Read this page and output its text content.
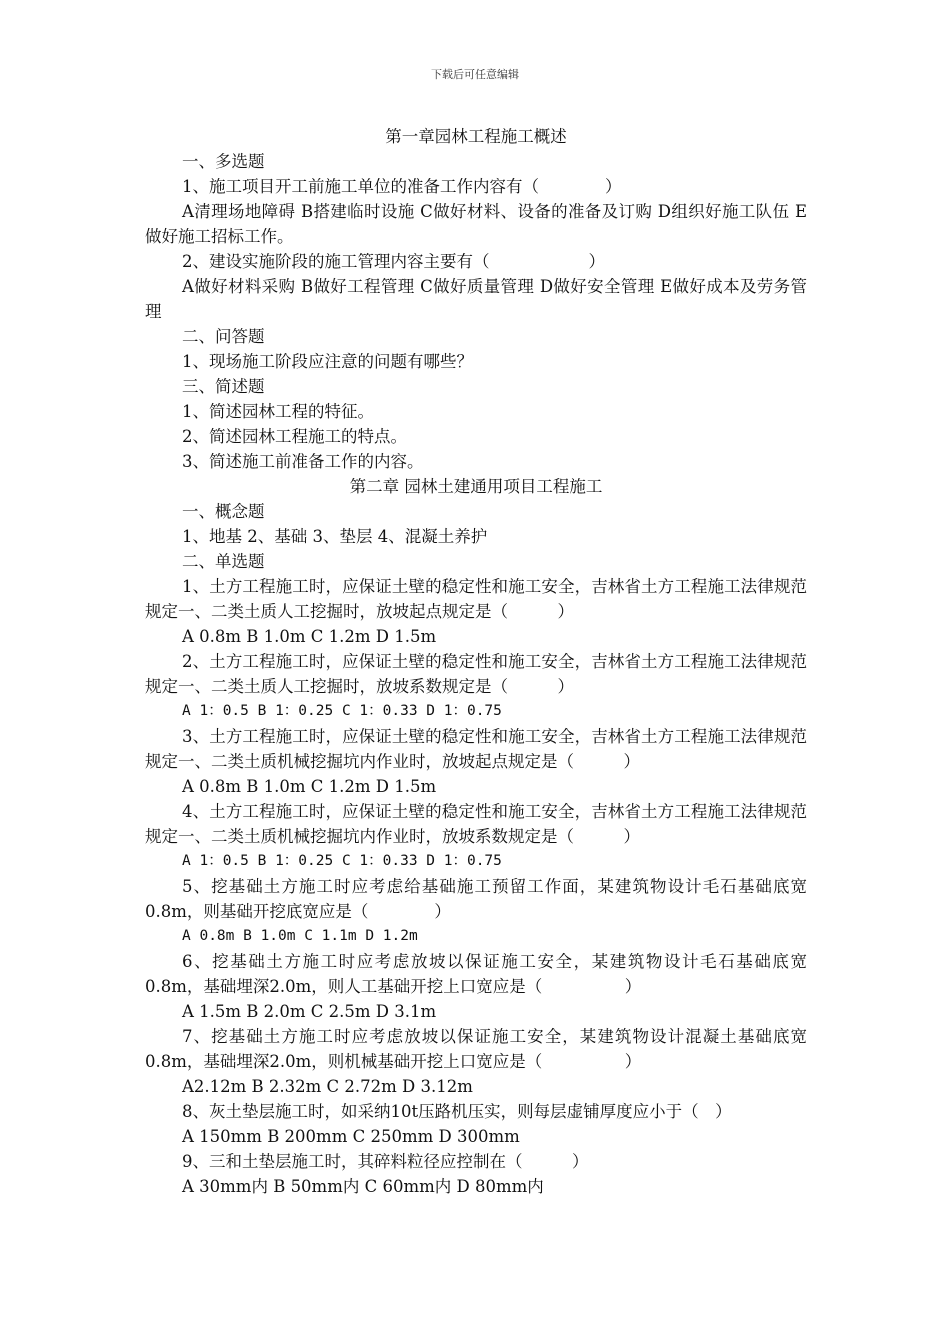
下载后可任意编辑

第一章园林工程施工概述

一、多选题

1、施工项目开工前施工单位的准备工作内容有（　　　　）

A清理场地障碍 B搭建临时设施 C做好材料、设备的准备及订购 D组织好施工队伍 E做好施工招标工作。

2、建设实施阶段的施工管理内容主要有（　　　　　　）

A做好材料采购 B做好工程管理 C做好质量管理 D做好安全管理 E做好成本及劳务管理

二、问答题

1、现场施工阶段应注意的问题有哪些？

三、简述题

1、简述园林工程的特征。

2、简述园林工程施工的特点。

3、简述施工前准备工作的内容。

第二章 园林土建通用项目工程施工

一、概念题

1、地基 2、基础 3、垫层 4、混凝土养护

二、单选题

1、土方工程施工时，应保证土壁的稳定性和施工安全，吉林省土方工程施工法律规范规定一、二类土质人工挖掘时，放坡起点规定是（　　　）

A 0.8m B 1.0m C 1.2m D 1.5m

2、土方工程施工时，应保证土壁的稳定性和施工安全，吉林省土方工程施工法律规范规定一、二类土质人工挖掘时，放坡系数规定是（　　　）

A 1：0.5 B 1：0.25 C 1：0.33 D 1：0.75

3、土方工程施工时，应保证土壁的稳定性和施工安全，吉林省土方工程施工法律规范规定一、二类土质机械挖掘坑内作业时，放坡起点规定是（　　　）

A 0.8m B 1.0m C 1.2m D 1.5m

4、土方工程施工时，应保证土壁的稳定性和施工安全，吉林省土方工程施工法律规范规定一、二类土质机械挖掘坑内作业时，放坡系数规定是（　　　）

A 1：0.5 B 1：0.25 C 1：0.33 D 1：0.75

5、挖基础土方施工时应考虑给基础施工预留工作面，某建筑物设计毛石基础底宽0.8m，则基础开挖底宽应是（　　　　）

A 0.8m B 1.0m C 1.1m D 1.2m

6、挖基础土方施工时应考虑放坡以保证施工安全，某建筑物设计毛石基础底宽0.8m，基础埋深2.0m，则人工基础开挖上口宽应是（　　　　　）

A 1.5m B 2.0m C 2.5m D 3.1m

7、挖基础土方施工时应考虑放坡以保证施工安全，某建筑物设计混凝土基础底宽0.8m，基础埋深2.0m，则机械基础开挖上口宽应是（　　　　　）

A2.12m B 2.32m C 2.72m D 3.12m

8、灰土垫层施工时，如采纳10t压路机压实，则每层虚铺厚度应小于（　）

A 150mm B 200mm C 250mm D 300mm

9、三和土垫层施工时，其碎料粒径应控制在（　　　）

A 30mm内 B 50mm内 C 60mm内 D 80mm内
